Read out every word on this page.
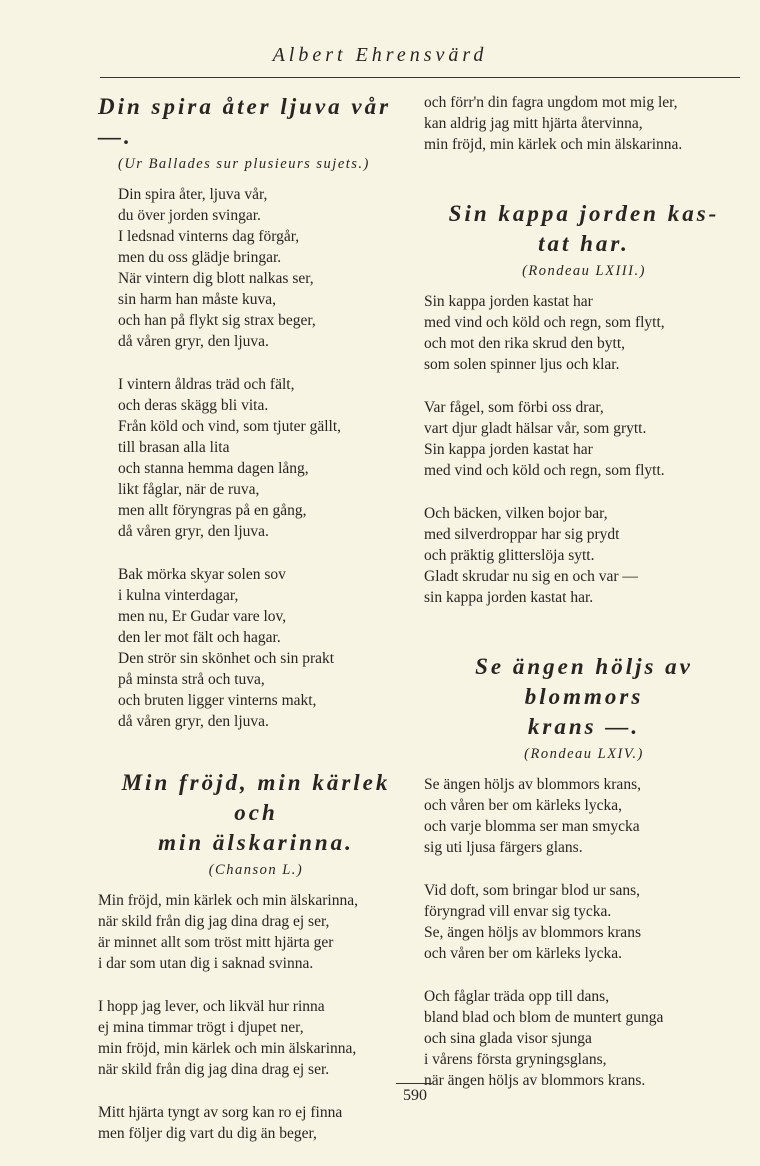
Albert Ehrensvärd
Din spira åter ljuva vår —.
(Ur Ballades sur plusieurs sujets.)
Din spira åter, ljuva vår,
du över jorden svingar.
I ledsnad vinterns dag förgår,
men du oss glädje bringar.
När vintern dig blott nalkas ser,
sin harm han måste kuva,
och han på flykt sig strax beger,
då våren gryr, den ljuva.
I vintern åldras träd och fält,
och deras skägg bli vita.
Från köld och vind, som tjuter gällt,
till brasan alla lita
och stanna hemma dagen lång,
likt fåglar, när de ruva,
men allt föryngras på en gång,
då våren gryr, den ljuva.
Bak mörka skyar solen sov
i kulna vinterdagar,
men nu, Er Gudar vare lov,
den ler mot fält och hagar.
Den strör sin skönhet och sin prakt
på minsta strå och tuva,
och bruten ligger vinterns makt,
då våren gryr, den ljuva.
Min fröjd, min kärlek och
min älskarinna.
(Chanson L.)
Min fröjd, min kärlek och min älskarinna,
när skild från dig jag dina drag ej ser,
är minnet allt som tröst mitt hjärta ger
i dar som utan dig i saknad svinna.
I hopp jag lever, och likväl hur rinna
ej mina timmar trögt i djupet ner,
min fröjd, min kärlek och min älskarinna,
när skild från dig jag dina drag ej ser.
Mitt hjärta tyngt av sorg kan ro ej finna
men följer dig vart du dig än beger,
och förr'n din fagra ungdom mot mig ler,
kan aldrig jag mitt hjärta återvinna,
min fröjd, min kärlek och min älskarinna.
Sin kappa jorden kas-
tat har.
(Rondeau LXIII.)
Sin kappa jorden kastat har
med vind och köld och regn, som flytt,
och mot den rika skrud den bytt,
som solen spinner ljus och klar.
Var fågel, som förbi oss drar,
vart djur gladt hälsar vår, som grytt.
Sin kappa jorden kastat har
med vind och köld och regn, som flytt.
Och bäcken, vilken bojor bar,
med silverdroppar har sig prydt
och präktig glitterslöja sytt.
Gladt skrudar nu sig en och var —
sin kappa jorden kastat har.
Se ängen höljs av blommors
krans —.
(Rondeau LXIV.)
Se ängen höljs av blommors krans,
och våren ber om kärleks lycka,
och varje blomma ser man smycka
sig uti ljusa färgers glans.
Vid doft, som bringar blod ur sans,
föryngrad vill envar sig tycka.
Se, ängen höljs av blommors krans
och våren ber om kärleks lycka.
Och fåglar träda opp till dans,
bland blad och blom de muntert gunga
och sina glada visor sjunga
i vårens första gryningsglans,
när ängen höljs av blommors krans.
590
